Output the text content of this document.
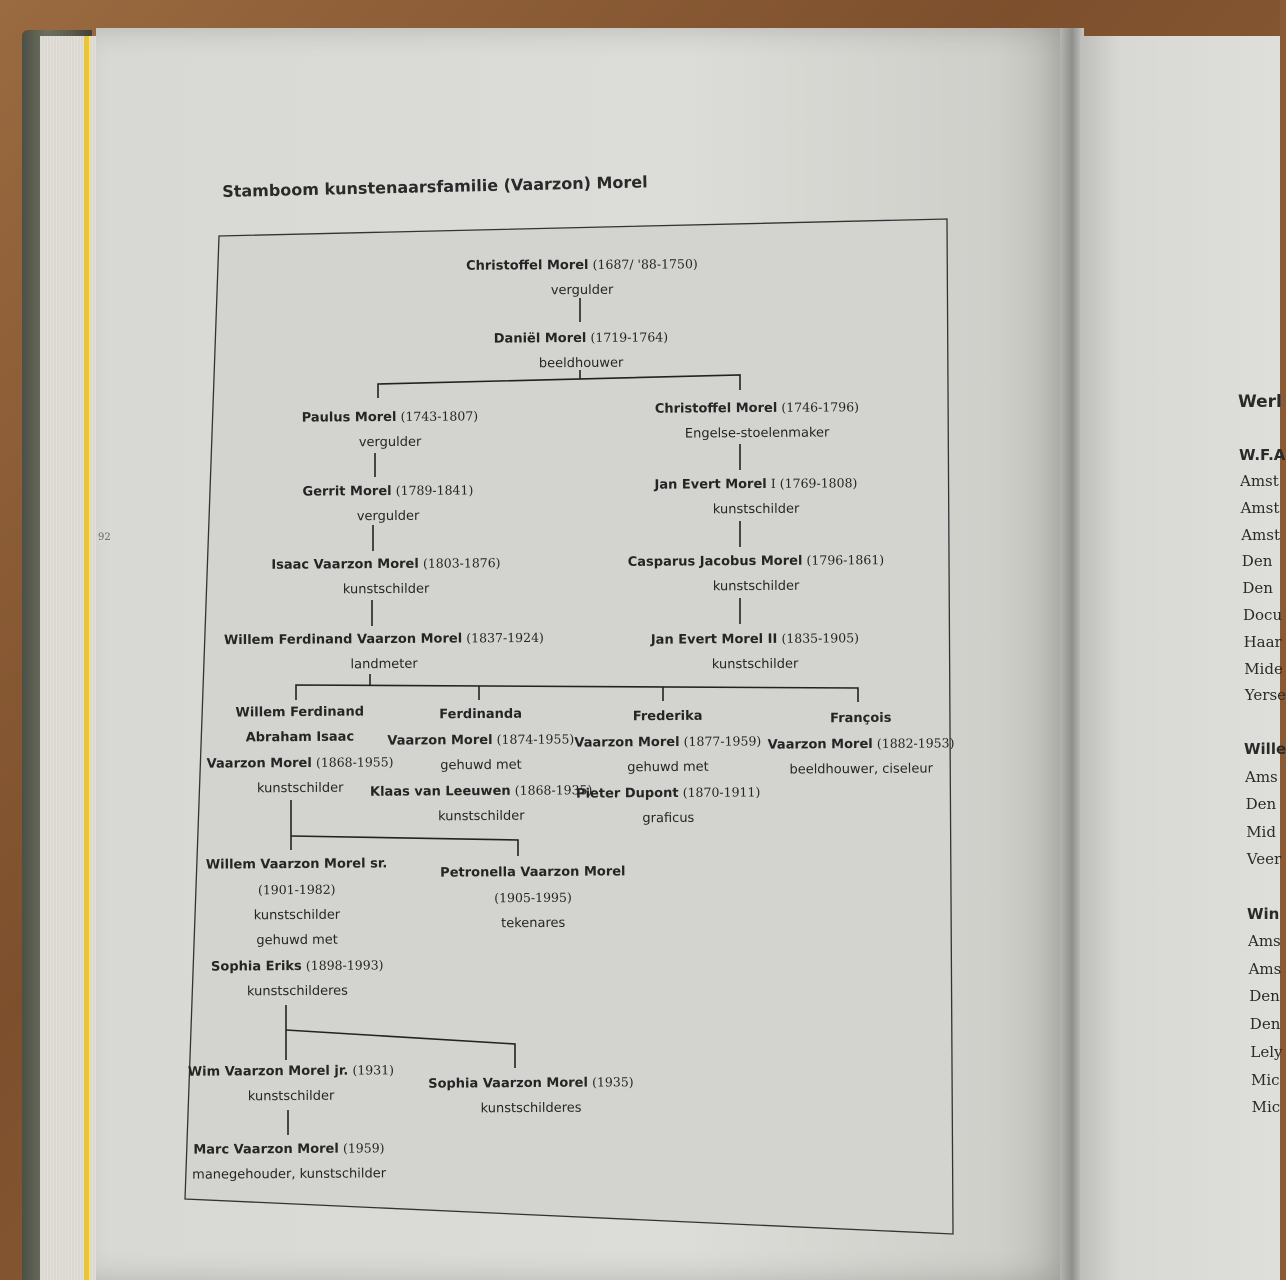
92
Stamboom kunstenaarsfamilie (Vaarzon) Morel
Christoffel Morel (1687/ '88-1750)
vergulder
Daniël Morel (1719-1764)
beeldhouwer
Paulus Morel (1743-1807)
vergulder
Christoffel Morel (1746-1796)
Engelse-stoelenmaker
Gerrit Morel (1789-1841)
vergulder
Jan Evert Morel I (1769-1808)
kunstschilder
Isaac Vaarzon Morel (1803-1876)
kunstschilder
Casparus Jacobus Morel (1796-1861)
kunstschilder
Willem Ferdinand Vaarzon Morel (1837-1924)
landmeter
Jan Evert Morel II (1835-1905)
kunstschilder
Willem Ferdinand
Abraham Isaac
Vaarzon Morel (1868-1955)
kunstschilder
Ferdinanda
Vaarzon Morel (1874-1955)
gehuwd met
Klaas van Leeuwen (1868-1935)
kunstschilder
Frederika
Vaarzon Morel (1877-1959)
gehuwd met
Pieter Dupont (1870-1911)
graficus
François
Vaarzon Morel (1882-1953)
beeldhouwer, ciseleur
Willem Vaarzon Morel sr.
(1901-1982)
kunstschilder
gehuwd met
Sophia Eriks (1898-1993)
kunstschilderes
Petronella Vaarzon Morel
(1905-1995)
tekenares
Wim Vaarzon Morel jr. (1931)
kunstschilder
Sophia Vaarzon Morel (1935)
kunstschilderes
Marc Vaarzon Morel (1959)
manegehouder, kunstschilder
Werl
W.F.A
Amst
Amst
Amst
Den
Den
Docu
Haar
Mide
Yerse
Wille
Ams
Den
Mid
Veer
Win
Ams
Ams
Den
Den
Lely
Mic
Mic
